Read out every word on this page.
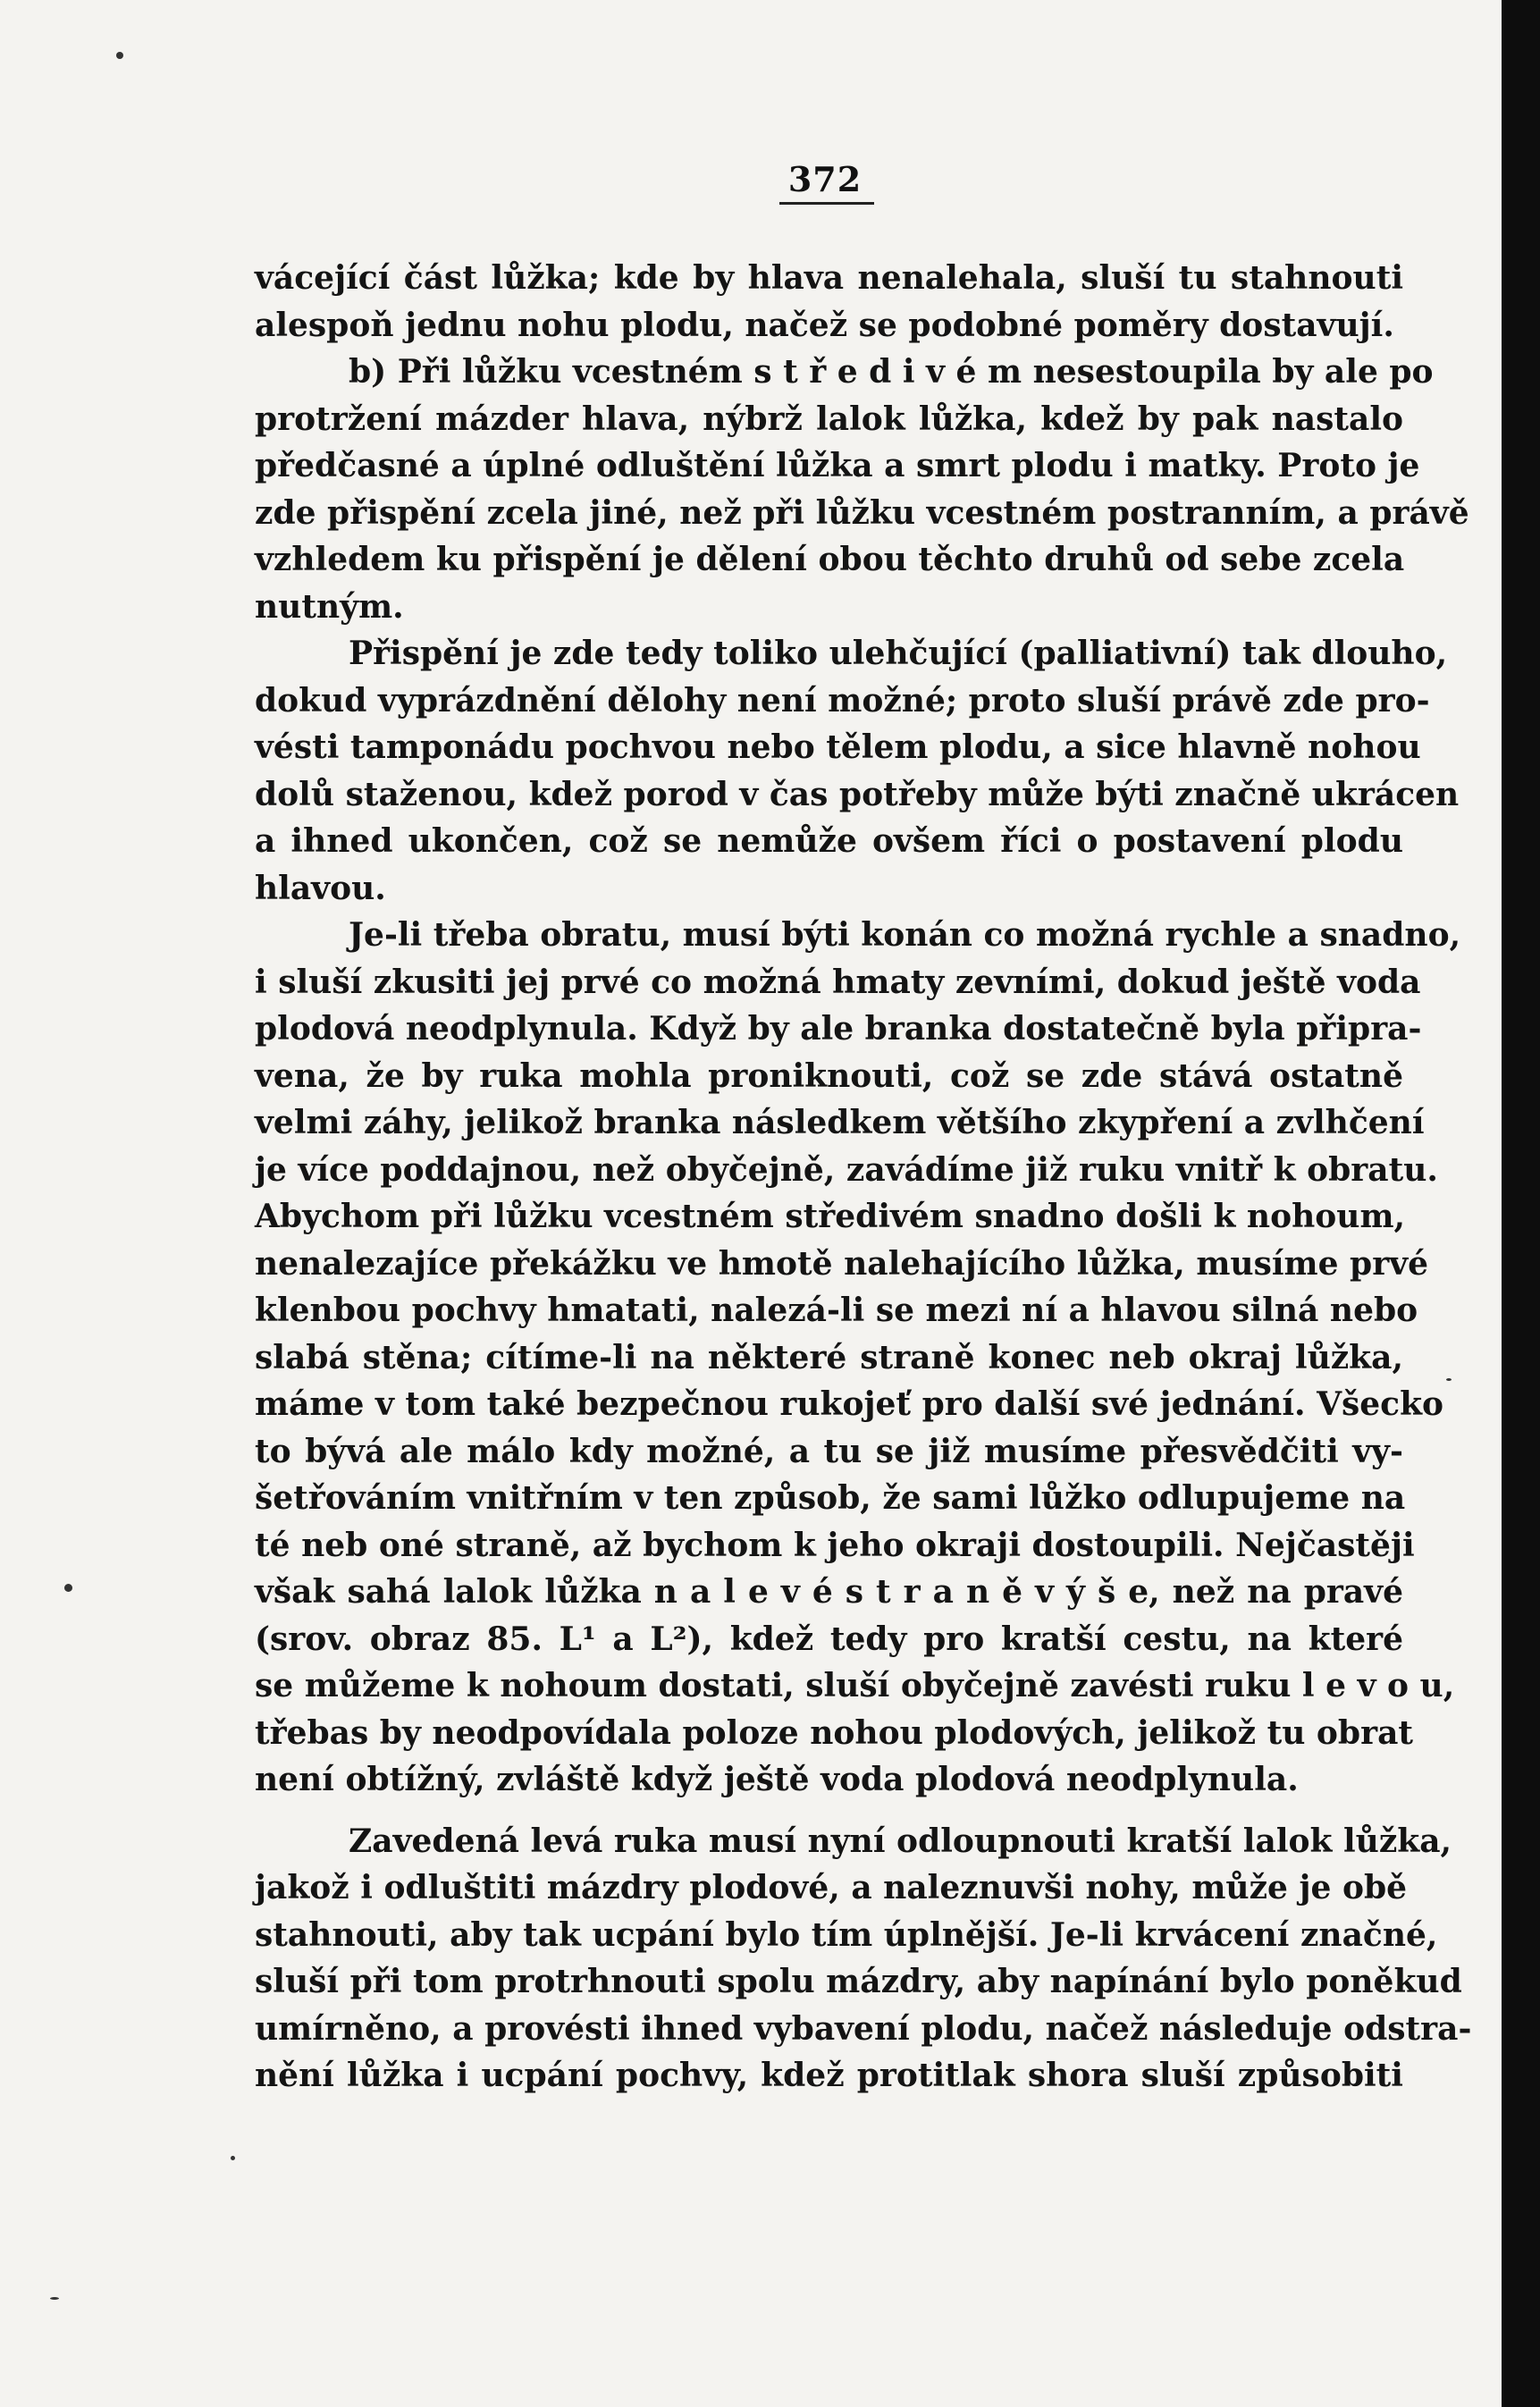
372
vácející část lůžka; kde by hlava nenalehala, sluší tu stahnouti
alespoň jednu nohu plodu, načež se podobné poměry dostavují.
b) Při lůžku vcestném s t ř e d i v é m nesestoupila by ale po
protržení mázder hlava, nýbrž lalok lůžka, kdež by pak nastalo
předčasné a úplné odluštění lůžka a smrt plodu i matky. Proto je
zde přispění zcela jiné, než při lůžku vcestném postranním, a právě
vzhledem ku přispění je dělení obou těchto druhů od sebe zcela
nutným.
Přispění je zde tedy toliko ulehčující (palliativní) tak dlouho,
dokud vyprázdnění dělohy není možné; proto sluší právě zde pro-
vésti tamponádu pochvou nebo tělem plodu, a sice hlavně nohou
dolů staženou, kdež porod v čas potřeby může býti značně ukrácen
a ihned ukončen, což se nemůže ovšem říci o postavení plodu
hlavou.
Je-li třeba obratu, musí býti konán co možná rychle a snadno,
i sluší zkusiti jej prvé co možná hmaty zevními, dokud ještě voda
plodová neodplynula. Když by ale branka dostatečně byla připra-
vena, že by ruka mohla proniknouti, což se zde stává ostatně
velmi záhy, jelikož branka následkem většího zkypření a zvlhčení
je více poddajnou, než obyčejně, zavádíme již ruku vnitř k obratu.
Abychom při lůžku vcestném středivém snadno došli k nohoum,
nenalezajíce překážku ve hmotě nalehajícího lůžka, musíme prvé
klenbou pochvy hmatati, nalezá-li se mezi ní a hlavou silná nebo
slabá stěna; cítíme-li na některé straně konec neb okraj lůžka,
máme v tom také bezpečnou rukojeť pro další své jednání. Všecko
to bývá ale málo kdy možné, a tu se již musíme přesvědčiti vy-
šetřováním vnitřním v ten způsob, že sami lůžko odlupujeme na
té neb oné straně, až bychom k jeho okraji dostoupili. Nejčastěji
však sahá lalok lůžka n a l e v é s t r a n ě v ý š e, než na pravé
(srov. obraz 85. L¹ a L²), kdež tedy pro kratší cestu, na které
se můžeme k nohoum dostati, sluší obyčejně zavésti ruku l e v o u,
třebas by neodpovídala poloze nohou plodových, jelikož tu obrat
není obtížný, zvláště když ještě voda plodová neodplynula.
Zavedená levá ruka musí nyní odloupnouti kratší lalok lůžka,
jakož i odluštiti mázdry plodové, a naleznuvši nohy, může je obě
stahnouti, aby tak ucpání bylo tím úplnější. Je-li krvácení značné,
sluší při tom protrhnouti spolu mázdry, aby napínání bylo poněkud
umírněno, a provésti ihned vybavení plodu, načež následuje odstra-
nění lůžka i ucpání pochvy, kdež protitlak shora sluší způsobiti
